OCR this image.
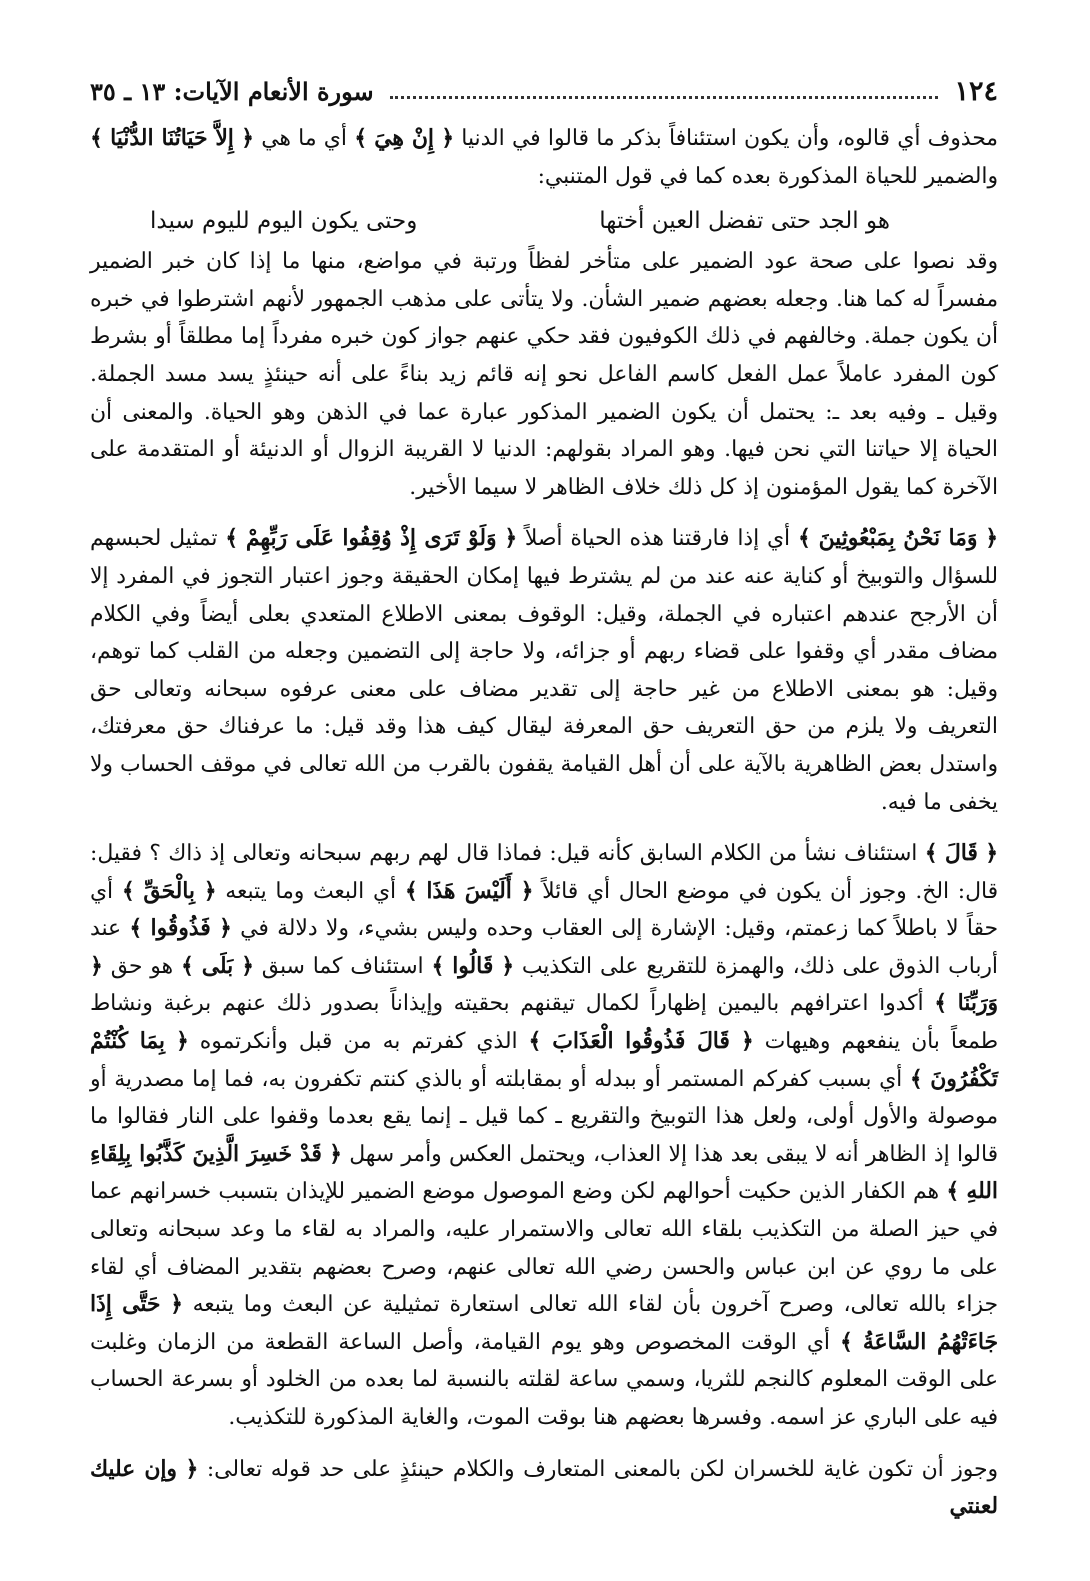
١٢٤
سورة الأنعام الآيات: ١٣ ـ ٣٥

محذوف أي قالوه، وأن يكون استئنافاً بذكر ما قالوا في الدنيا ﴿ إِنْ هِيَ ﴾ أي ما هي ﴿ إِلاَّ حَيَاتُنَا الدُّنْيَا ﴾ والضمير للحياة المذكورة بعده كما في قول المتنبي:

هو الجد حتى تفضل العين أختها
وحتى يكون اليوم لليوم سيدا

وقد نصوا على صحة عود الضمير على متأخر لفظاً ورتبة في مواضع، منها ما إذا كان خبر الضمير مفسراً له كما هنا. وجعله بعضهم ضمير الشأن. ولا يتأتى على مذهب الجمهور لأنهم اشترطوا في خبره أن يكون جملة. وخالفهم في ذلك الكوفيون فقد حكي عنهم جواز كون خبره مفرداً إما مطلقاً أو بشرط كون المفرد عاملاً عمل الفعل كاسم الفاعل نحو إنه قائم زيد بناءً على أنه حينئذٍ يسد مسد الجملة. وقيل ـ وفيه بعد ـ: يحتمل أن يكون الضمير المذكور عبارة عما في الذهن وهو الحياة. والمعنى أن الحياة إلا حياتنا التي نحن فيها. وهو المراد بقولهم: الدنيا لا القريبة الزوال أو الدنيئة أو المتقدمة على الآخرة كما يقول المؤمنون إذ كل ذلك خلاف الظاهر لا سيما الأخير.

﴿ وَمَا نَحْنُ بِمَبْعُوثِينَ ﴾ أي إذا فارقتنا هذه الحياة أصلاً ﴿ وَلَوْ تَرَى إِذْ وُقِفُوا عَلَى رَبِّهِمْ ﴾ تمثيل لحبسهم للسؤال والتوبيخ أو كناية عنه عند من لم يشترط فيها إمكان الحقيقة وجوز اعتبار التجوز في المفرد إلا أن الأرجح عندهم اعتباره في الجملة، وقيل: الوقوف بمعنى الاطلاع المتعدي بعلى أيضاً وفي الكلام مضاف مقدر أي وقفوا على قضاء ربهم أو جزائه، ولا حاجة إلى التضمين وجعله من القلب كما توهم، وقيل: هو بمعنى الاطلاع من غير حاجة إلى تقدير مضاف على معنى عرفوه سبحانه وتعالى حق التعريف ولا يلزم من حق التعريف حق المعرفة ليقال كيف هذا وقد قيل: ما عرفناك حق معرفتك، واستدل بعض الظاهرية بالآية على أن أهل القيامة يقفون بالقرب من الله تعالى في موقف الحساب ولا يخفى ما فيه.

﴿ قَالَ ﴾ استئناف نشأ من الكلام السابق كأنه قيل: فماذا قال لهم ربهم سبحانه وتعالى إذ ذاك ؟ فقيل: قال: الخ. وجوز أن يكون في موضع الحال أي قائلاً ﴿ أَلَيْسَ هَذَا ﴾ أي البعث وما يتبعه ﴿ بِالْحَقِّ ﴾ أي حقاً لا باطلاً كما زعمتم، وقيل: الإشارة إلى العقاب وحده وليس بشيء، ولا دلالة في ﴿ فَذُوقُوا ﴾ عند أرباب الذوق على ذلك، والهمزة للتقريع على التكذيب ﴿ قَالُوا ﴾ استئناف كما سبق ﴿ بَلَى ﴾ هو حق ﴿ وَرَبِّنَا ﴾ أكدوا اعترافهم باليمين إظهاراً لكمال تيقنهم بحقيته وإيذاناً بصدور ذلك عنهم برغبة ونشاط طمعاً بأن ينفعهم وهيهات ﴿ قَالَ فَذُوقُوا الْعَذَابَ ﴾ الذي كفرتم به من قبل وأنكرتموه ﴿ بِمَا كُنْتُمْ تَكْفُرُونَ ﴾ أي بسبب كفركم المستمر أو ببدله أو بمقابلته أو بالذي كنتم تكفرون به، فما إما مصدرية أو موصولة والأول أولى، ولعل هذا التوبيخ والتقريع ـ كما قيل ـ إنما يقع بعدما وقفوا على النار فقالوا ما قالوا إذ الظاهر أنه لا يبقى بعد هذا إلا العذاب، ويحتمل العكس وأمر سهل ﴿ قَدْ خَسِرَ الَّذِينَ كَذَّبُوا بِلِقَاءِ اللهِ ﴾ هم الكفار الذين حكيت أحوالهم لكن وضع الموصول موضع الضمير للإيذان بتسبب خسرانهم عما في حيز الصلة من التكذيب بلقاء الله تعالى والاستمرار عليه، والمراد به لقاء ما وعد سبحانه وتعالى على ما روي عن ابن عباس والحسن رضي الله تعالى عنهم، وصرح بعضهم بتقدير المضاف أي لقاء جزاء بالله تعالى، وصرح آخرون بأن لقاء الله تعالى استعارة تمثيلية عن البعث وما يتبعه ﴿ حَتَّى إِذَا جَاءَتْهُمُ السَّاعَةُ ﴾ أي الوقت المخصوص وهو يوم القيامة، وأصل الساعة القطعة من الزمان وغلبت على الوقت المعلوم كالنجم للثريا، وسمي ساعة لقلته بالنسبة لما بعده من الخلود أو بسرعة الحساب فيه على الباري عز اسمه. وفسرها بعضهم هنا بوقت الموت، والغاية المذكورة للتكذيب.

وجوز أن تكون غاية للخسران لكن بالمعنى المتعارف والكلام حينئذٍ على حد قوله تعالى: ﴿ وإن عليك لعنتي
